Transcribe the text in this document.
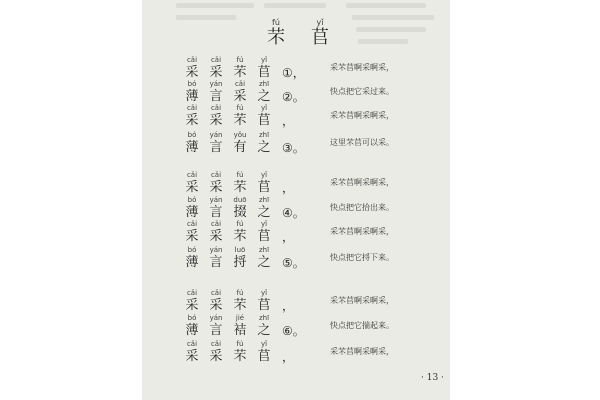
fú
芣
yǐ
苢
cǎi
采
cǎi
采
fú
芣
yǐ
苢 ①，	采芣苢啊采啊采，
bó
薄
yán
言
cǎi
采
zhī
之 ②。	快点把它采过来。
cǎi
采
cǎi
采
fú
芣
yǐ
苢 ，	采芣苢啊采啊采，
bó
薄
yán
言
yǒu
有
zhī
之 ③。	这里芣苢可以采。
cǎi
采
cǎi
采
fú
芣
yǐ
苢 ，	采芣苢啊采啊采，
bó
薄
yán
言
duō
掇
zhī
之 ④。	快点把它拾出来。
cǎi
采
cǎi
采
fú
芣
yǐ
苢 ，	采芣苢啊采啊采，
bó
薄
yán
言
luō
捋
zhī
之 ⑤。	快点把它捋下来。
cǎi
采
cǎi
采
fú
芣
yǐ
苢 ，	采芣苢啊采啊采，
bó
薄
yán
言
jié
袺
zhī
之 ⑥。	快点把它揣起来。
cǎi
采
cǎi
采
fú
芣
yǐ
苢 ，	采芣苢啊采啊采，
· 13 ·
